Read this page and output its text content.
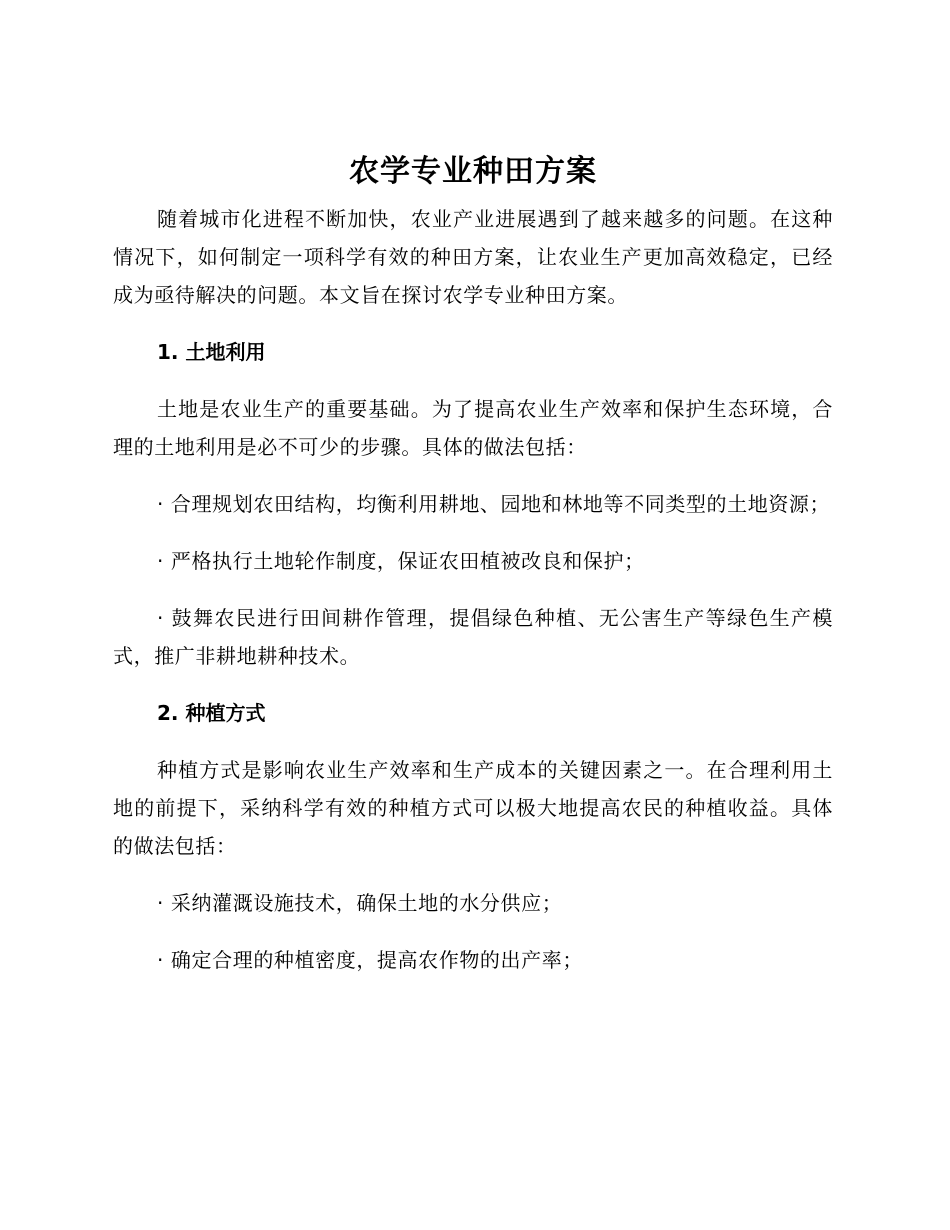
农学专业种田方案

随着城市化进程不断加快，农业产业进展遇到了越来越多的问题。在这种情况下，如何制定一项科学有效的种田方案，让农业生产更加高效稳定，已经成为亟待解决的问题。本文旨在探讨农学专业种田方案。

1. 土地利用

土地是农业生产的重要基础。为了提高农业生产效率和保护生态环境，合理的土地利用是必不可少的步骤。具体的做法包括：

· 合理规划农田结构，均衡利用耕地、园地和林地等不同类型的土地资源；

· 严格执行土地轮作制度，保证农田植被改良和保护；

· 鼓舞农民进行田间耕作管理，提倡绿色种植、无公害生产等绿色生产模式，推广非耕地耕种技术。

2. 种植方式

种植方式是影响农业生产效率和生产成本的关键因素之一。在合理利用土地的前提下，采纳科学有效的种植方式可以极大地提高农民的种植收益。具体的做法包括：

· 采纳灌溉设施技术，确保土地的水分供应；

· 确定合理的种植密度，提高农作物的出产率；
